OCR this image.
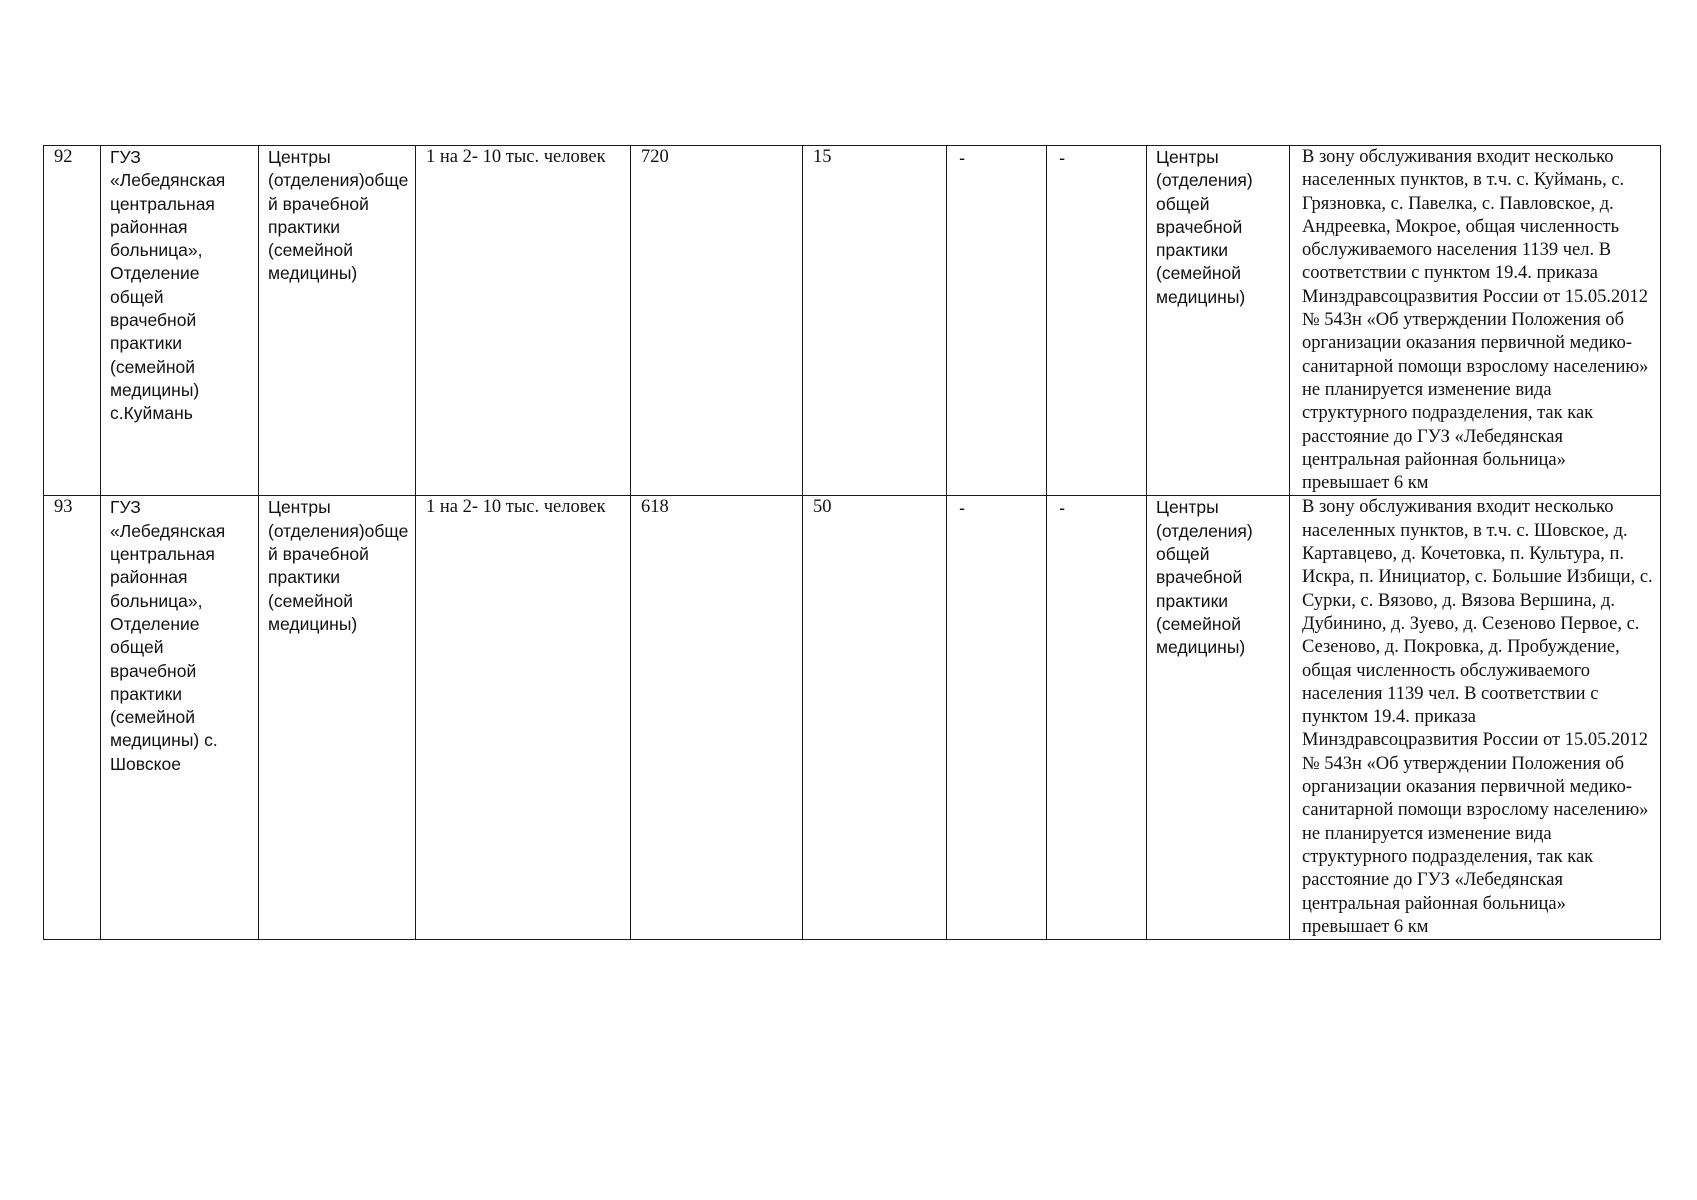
92	ГУЗ «Лебедянская центральная районная больница», Отделение общей врачебной практики (семейной медицины) с.Куймань	Центры (отделения)общей врачебной практики (семейной медицины)	1 на 2- 10 тыс. человек	720	15	-	-	Центры (отделения) общей врачебной практики (семейной медицины)	В зону обслуживания входит несколько населенных пунктов, в т.ч. с. Куймань, с. Грязновка, с. Павелка, с. Павловское, д. Андреевка, Мокрое, общая численность обслуживаемого населения 1139 чел. В соответствии с пунктом 19.4. приказа Минздравсоцразвития России от 15.05.2012 № 543н «Об утверждении Положения об организации оказания первичной медико-санитарной помощи взрослому населению» не планируется изменение вида структурного подразделения, так как расстояние до ГУЗ «Лебедянская центральная районная больница» превышает 6 км
93	ГУЗ «Лебедянская центральная районная больница», Отделение общей врачебной практики (семейной медицины) с. Шовское	Центры (отделения)общей врачебной практики (семейной медицины)	1 на 2- 10 тыс. человек	618	50	-	-	Центры (отделения) общей врачебной практики (семейной медицины)	В зону обслуживания входит несколько населенных пунктов, в т.ч. с. Шовское, д. Картавцево, д. Кочетовка, п. Культура, п. Искра, п. Инициатор, с. Большие Избищи, с. Сурки, с. Вязово, д. Вязова Вершина, д. Дубинино, д. Зуево, д. Сезеново Первое, с. Сезеново, д. Покровка, д. Пробуждение, общая численность обслуживаемого населения 1139 чел. В соответствии с пунктом 19.4. приказа Минздравсоцразвития России от 15.05.2012 № 543н «Об утверждении Положения об организации оказания первичной медико-санитарной помощи взрослому населению» не планируется изменение вида структурного подразделения, так как расстояние до ГУЗ «Лебедянская центральная районная больница» превышает 6 км
